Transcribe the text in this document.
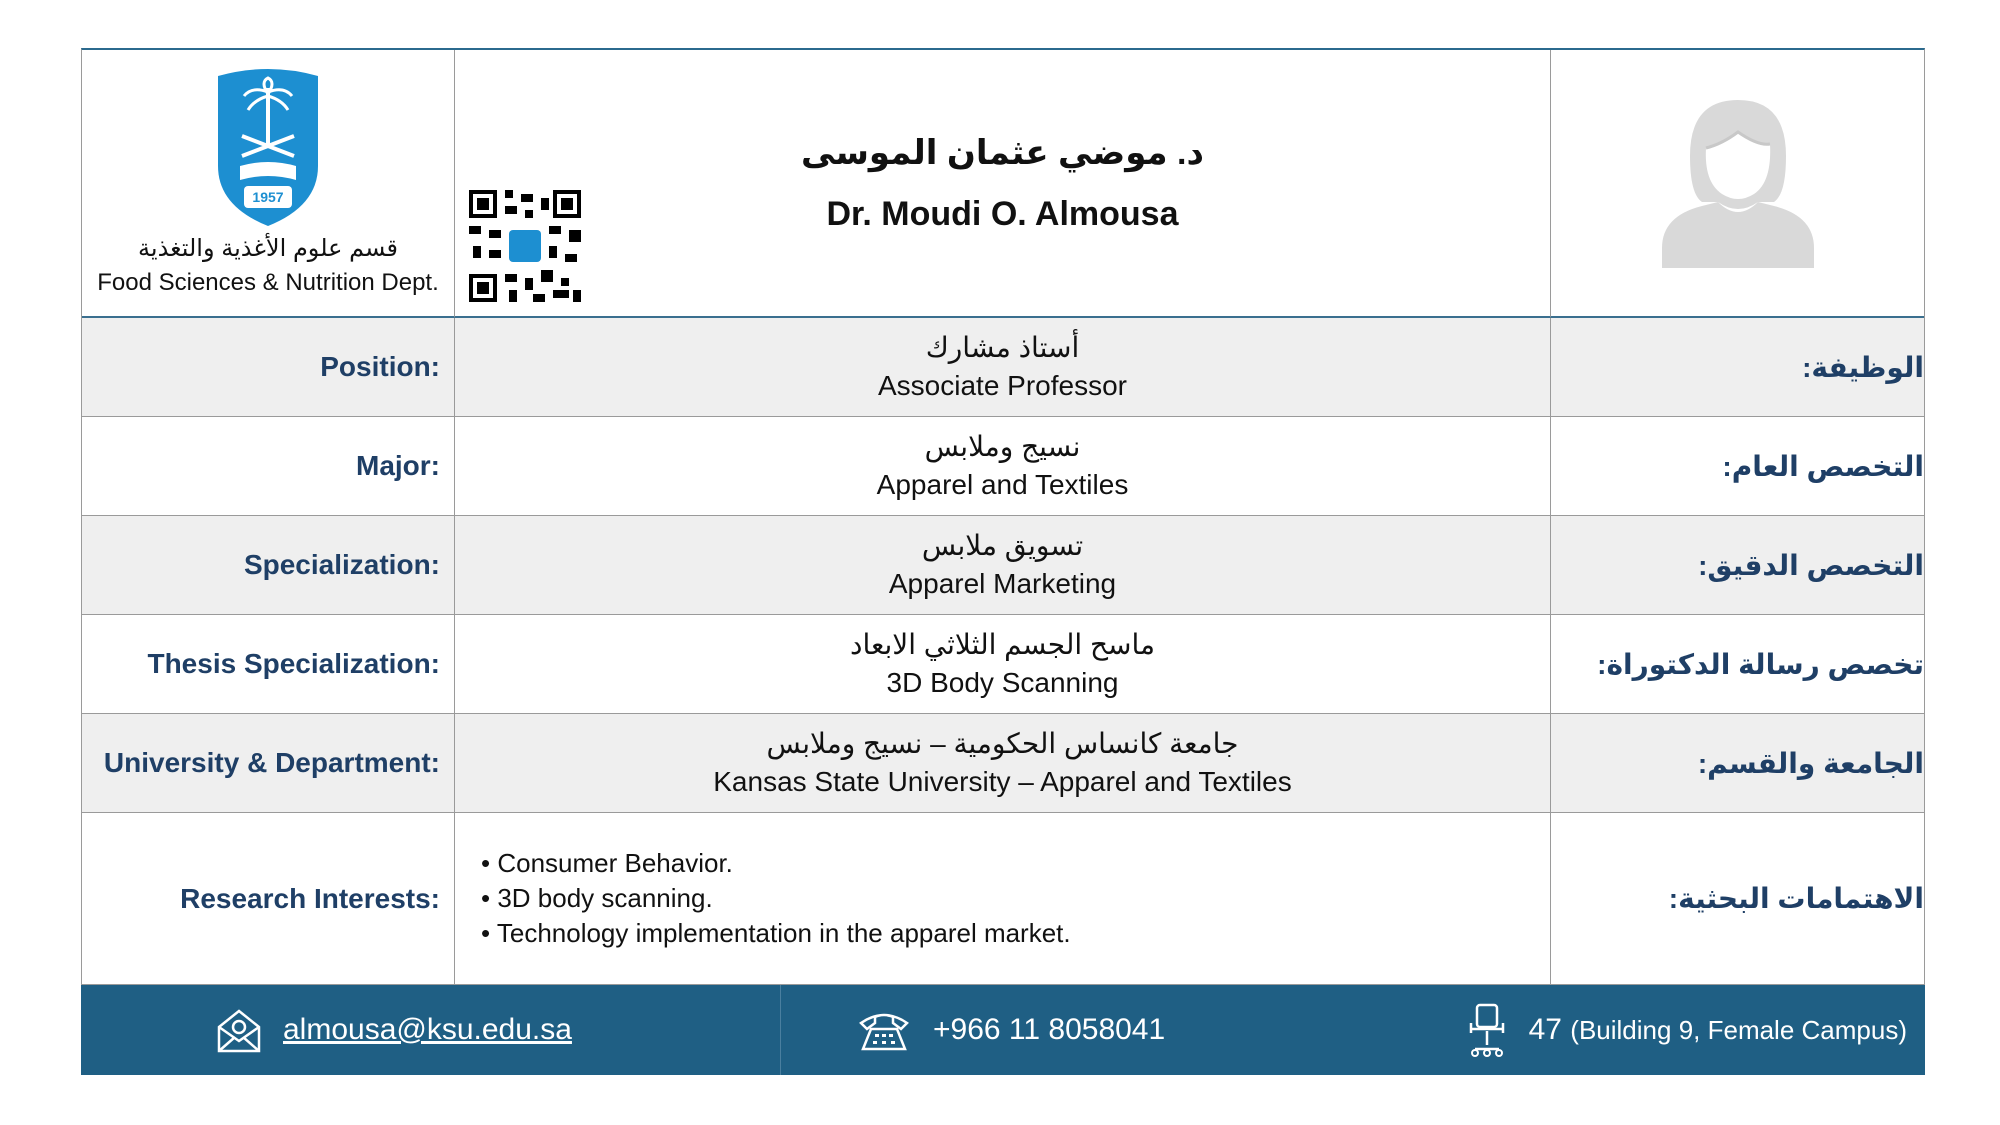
1957
قسم علوم الأغذية والتغذية
Food Sciences & Nutrition Dept.
د. موضي عثمان الموسى
Dr. Moudi O. Almousa
Position:
أستاذ مشارك
Associate Professor
الوظيفة:
Major:
نسيج وملابس
Apparel and Textiles
التخصص العام:
Specialization:
تسويق ملابس
Apparel Marketing
التخصص الدقيق:
Thesis Specialization:
ماسح الجسم الثلاثي الابعاد
3D Body Scanning
تخصص رسالة الدكتوراة:
University & Department:
جامعة كانساس الحكومية – نسيج وملابس
Kansas State University – Apparel and Textiles
الجامعة والقسم:
Research Interests:
• Consumer Behavior.
• 3D body scanning.
• Technology implementation in the apparel market.
الاهتمامات البحثية:
almousa@ksu.edu.sa	+966 11 8058041	47
(Building 9, Female Campus)
